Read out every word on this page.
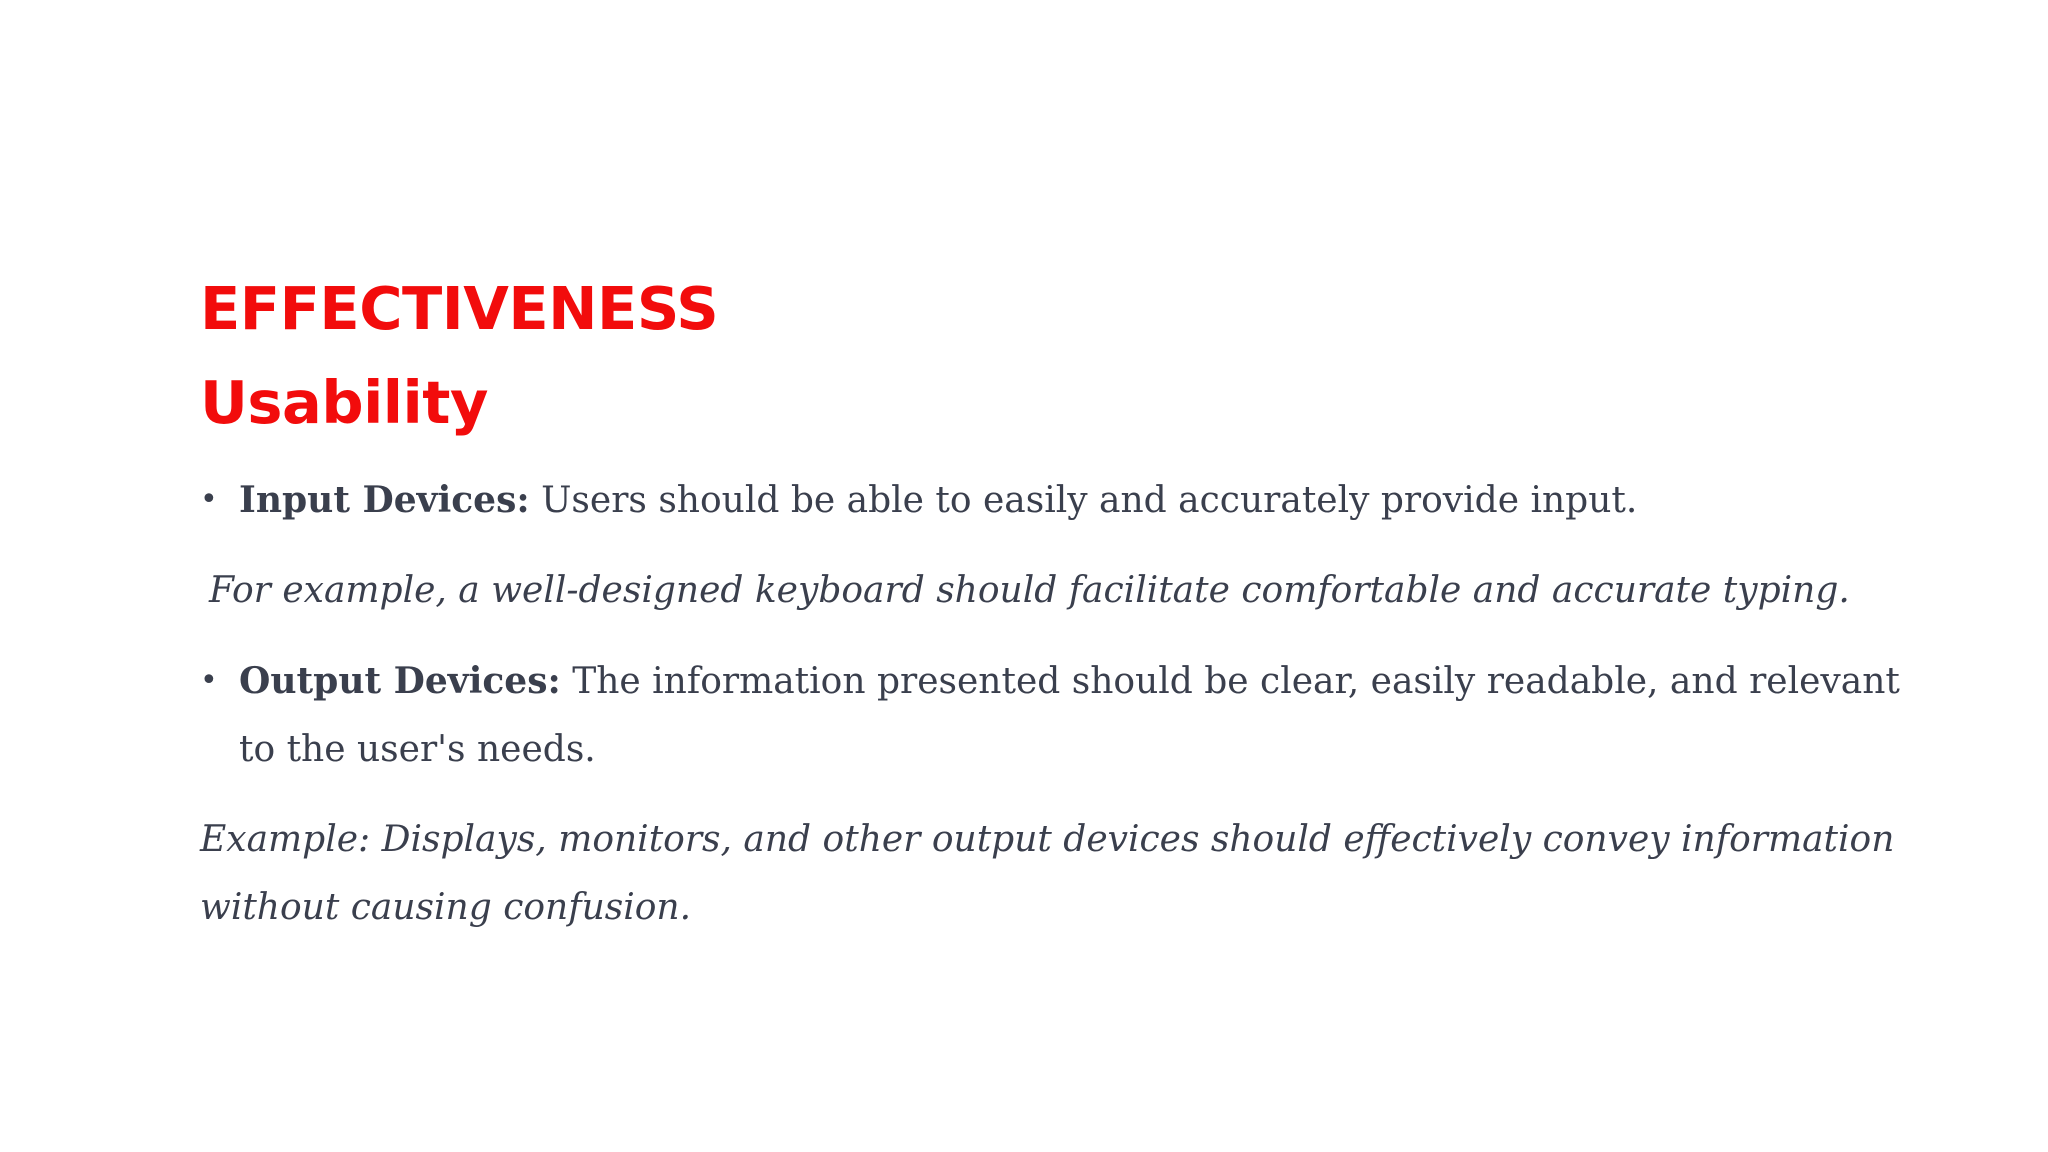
EFFECTIVENESS
Usability

• Input Devices: Users should be able to easily and accurately provide input.

For example, a well-designed keyboard should facilitate comfortable and accurate typing.

• Output Devices: The information presented should be clear, easily readable, and relevant to the user's needs.

Example: Displays, monitors, and other output devices should effectively convey information without causing confusion.
